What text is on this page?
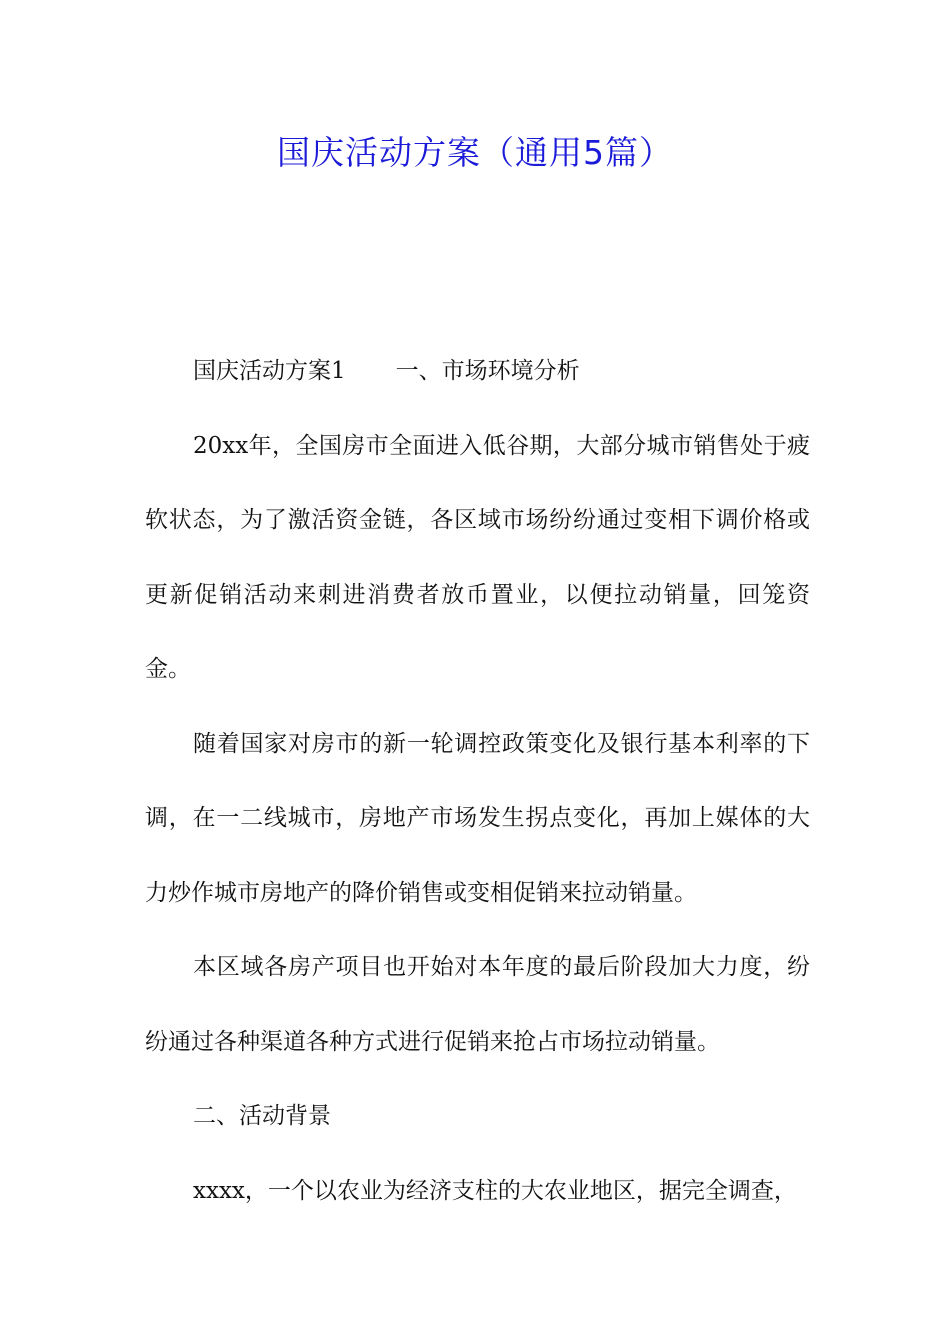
国庆活动方案（通用5篇）

国庆活动方案1 一、市场环境分析

20xx年，全国房市全面进入低谷期，大部分城市销售处于疲软状态，为了激活资金链，各区域市场纷纷通过变相下调价格或更新促销活动来刺进消费者放币置业，以便拉动销量，回笼资金。

随着国家对房市的新一轮调控政策变化及银行基本利率的下调，在一二线城市，房地产市场发生拐点变化，再加上媒体的大力炒作城市房地产的降价销售或变相促销来拉动销量。

本区域各房产项目也开始对本年度的最后阶段加大力度，纷纷通过各种渠道各种方式进行促销来抢占市场拉动销量。

二、活动背景

xxxx，一个以农业为经济支柱的大农业地区，据完全调查，
